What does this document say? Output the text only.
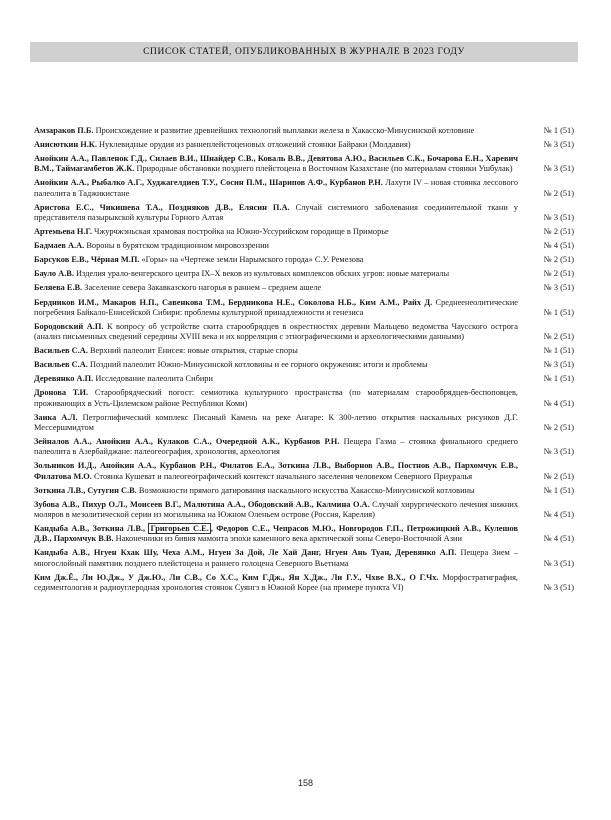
СПИСОК СТАТЕЙ, ОПУБЛИКОВАННЫХ В ЖУРНАЛЕ В 2023 ГОДУ
Амзараков П.Б. Происхождение и развитие древнейших технологий выплавки железа в Хакасско-Минусинской котловине	№ 1 (51)
Анисюткин Н.К. Нуклевидные орудия из раннеплейстоценовых отложений стоянки Байраки (Молдавия)	№ 3 (51)
Анойкин А.А., Павленок Г.Д., Силаев В.И., Шнайдер С.В., Коваль В.В., Девятова А.Ю., Васильев С.К., Бочарова Е.Н., Харевич В.М., Таймагамбетов Ж.К. Природные обстановки позднего плейстоцена в Восточном Казахстане (по материалам стоянки Ушбулак)	№ 3 (51)
Анойкин А.А., Рыбалко А.Г., Худжагелдиев Т.У., Сосин П.М., Шарипов А.Ф., Курбанов Р.Н. Лахути IV – новая стоянка лессового палеолита в Таджикистане	№ 2 (51)
Аристова Е.С., Чикишева Т.А., Поздняков Д.В., Елясин П.А. Случай системного заболевания соединительной ткани у представителя пазырыкской культуры Горного Алтая	№ 3 (51)
Артемьева Н.Г. Чжурчжэньская храмовая постройка на Южно-Уссурийском городище в Приморье	№ 2 (51)
Бадмаев А.А. Вороны в бурятском традиционном мировоззрении	№ 4 (51)
Барсуков Е.В., Чёрная М.П. «Горы» на «Чертеже земли Нарымского города» С.У. Ремезова	№ 2 (51)
Бауло А.В. Изделия урало-венгерского центра IX–X веков из культовых комплексов обских угров: новые материалы	№ 2 (51)
Беляева Е.В. Заселение севера Закавказского нагорья в раннем – среднем ашеле	№ 3 (51)
Бердников И.М., Макаров Н.П., Савенкова Т.М., Бердникова Н.Е., Соколова Н.Б., Ким А.М., Райх Д. Среднеенеолитические погребения Байкало-Енисейской Сибири: проблемы культурной принадлежности и генезиса	№ 1 (51)
Бородовский А.П. К вопросу об устройстве скита старообрядцев в окрестностях деревни Мальцево ведомства Чаусского острога (анализ письменных сведений середины XVIII века и их корреляция с этнографическими и археологическими данными)	№ 2 (51)
Васильев С.А. Верхний палеолит Енисея: новые открытия, старые споры	№ 1 (51)
Васильев С.А. Поздний палеолит Южно-Минусинской котловины и ее горного окружения: итоги и проблемы	№ 3 (51)
Деревянко А.П. Исследование палеолита Сибири	№ 1 (51)
Дронова Т.И. Старообрядческий погост: семиотика культурного пространства (по материалам старообрядцев-беспоповцев, проживающих в Усть-Цилемском районе Республики Коми)	№ 4 (51)
Заика А.Л. Петроглифический комплекс Писаный Камень на реке Ангаре: К 300-летию открытия наскальных рисунков Д.Г. Мессершмидтом	№ 2 (51)
Зейналов А.А., Анойкин А.А., Кулаков С.А., Очередной А.К., Курбанов Р.Н. Пещера Газма – стоянка финального среднего палеолита в Азербайджане: палеогеография, хронология, археология	№ 3 (51)
Зольников И.Д., Анойкин А.А., Курбанов Р.Н., Филатов Е.А., Зоткина Л.В., Выборнов А.В., Постнов А.В., Пархомчук Е.В., Филатова М.О. Стоянка Кушеват и палеогеографический контекст начального заселения человеком Северного Приуралья	№ 2 (51)
Зоткина Л.В., Сутугин С.В. Возможности прямого датирования наскального искусства Хакасско-Минусинской котловины	№ 1 (51)
Зубова А.В., Пихур О.Л., Моисеев В.Г., Малютина А.А., Ободовский А.В., Калмина О.А. Случай хирургического лечения нижних моляров в мезолитической серии из могильника на Южном Оленьем острове (Россия, Карелия)	№ 4 (51)
Кандыба А.В., Зоткина Л.В., Григорьев С.Е. , Федоров С.Е., Чепрасов М.Ю., Новгородов Г.П., Петрожицкий А.В., Кулешов Д.В., Пархомчук В.В. Наконечники из бивня мамонта эпохи каменного века арктической зоны Северо-Восточной Азии	№ 4 (51)
Кандыба А.В., Нгуен Кхак Шу, Чеха А.М., Нгуен За Дой, Ле Хай Данг, Нгуен Ань Туан, Деревянко А.П. Пещера Зием – многослойный памятник позднего плейстоцена и раннего голоцена Северного Вьетнама	№ 3 (51)
Ким Дж.Ё., Ли Ю.Дж., У Дж.Ю., Ли С.В., Со Х.С., Ким Г.Дж., Ян Х.Дж., Ли Г.У., Чхве В.Х., О Г.Чх. Морфостратиграфия, седиментология и радиоуглеродная хронология стоянок Суянгэ в Южной Корее (на примере пункта VI)	№ 3 (51)
158
